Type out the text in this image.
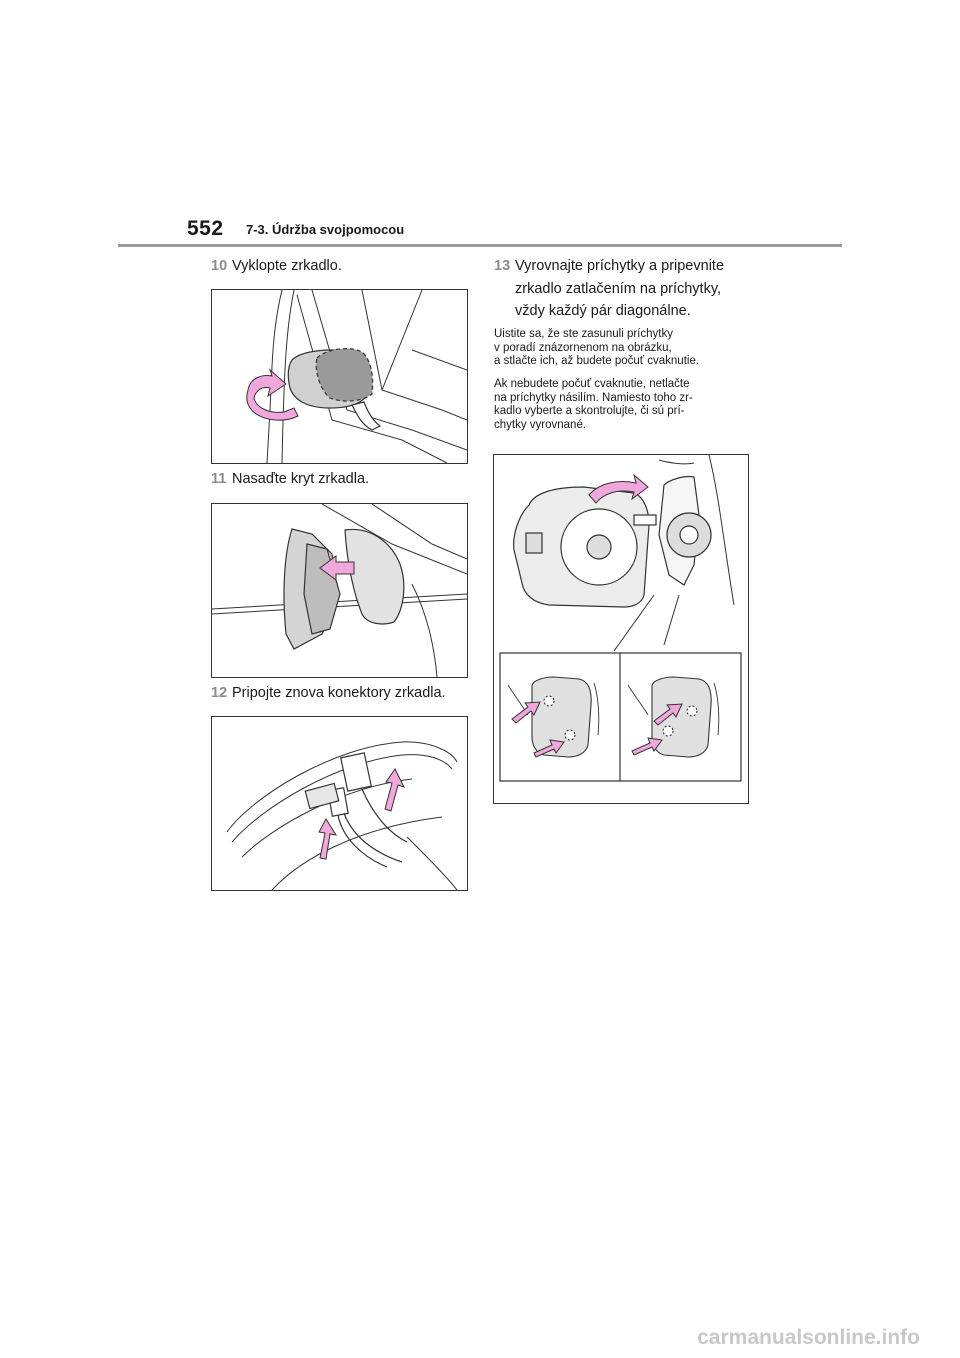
552 7-3. Údržba svojpomocou
10 Vyklopte zrkadlo.
11 Nasaďte kryt zrkadla.
12 Pripojte znova konektory zrkadla.
13 Vyrovnajte príchytky a pripevnite
zrkadlo zatlačením na príchytky,
vždy každý pár diagonálne.
Uistite sa, že ste zasunuli príchytky
v poradí znázornenom na obrázku,
a stlačte ich, až budete počuť cvaknutie.
Ak nebudete počuť cvaknutie, netlačte
na príchytky násilím. Namiesto toho zr-
kadlo vyberte a skontrolujte, či sú prí-
chytky vyrovnané.
carmanualsonline.info
